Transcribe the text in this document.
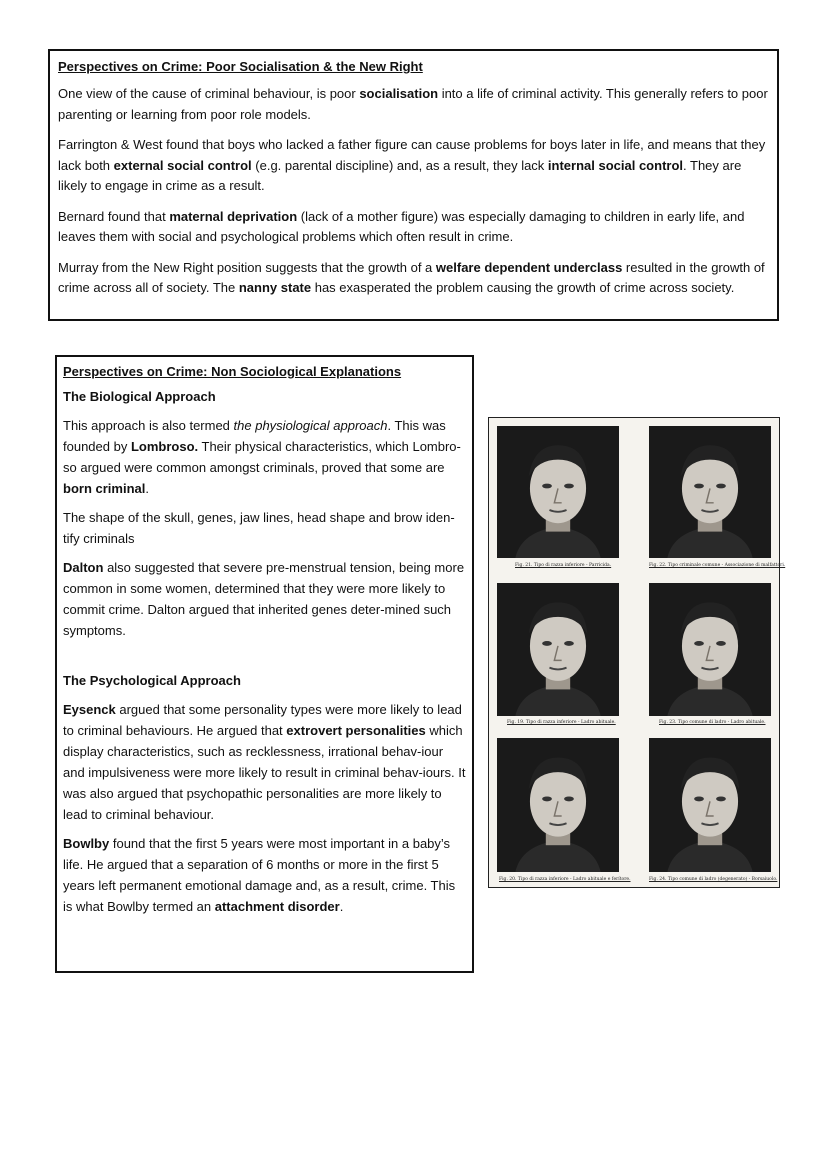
Perspectives on Crime: Poor Socialisation & the New Right

One view of the cause of criminal behaviour, is poor socialisation into a life of criminal activity. This generally refers to poor parenting or learning from poor role models.

Farrington & West found that boys who lacked a father figure can cause problems for boys later in life, and means that they lack both external social control (e.g. parental discipline) and, as a result, they lack internal social control. They are likely to engage in crime as a result.

Bernard found that maternal deprivation (lack of a mother figure) was especially damaging to children in early life, and leaves them with social and psychological problems which often result in crime.

Murray from the New Right position suggests that the growth of a welfare dependent underclass resulted in the growth of crime across all of society. The nanny state has exasperated the problem causing the growth of crime across society.

Perspectives on Crime: Non Sociological Explanations
The Biological Approach

This approach is also termed the physiological approach. This was founded by Lombroso. Their physical characteristics, which Lombro-so argued were common amongst criminals, proved that some are born criminal.

The shape of the skull, genes, jaw lines, head shape and brow iden-tify criminals

Dalton also suggested that severe pre-menstrual tension, being more common in some women, determined that they were more likely to commit crime. Dalton argued that inherited genes deter-mined such symptoms.

The Psychological Approach

Eysenck argued that some personality types were more likely to lead to criminal behaviours. He argued that extrovert personalities which display characteristics, such as recklessness, irrational behav-iour and impulsiveness were more likely to result in criminal behav-iours. It was also argued that psychopathic personalities are more likely to lead to criminal behaviour.

Bowlby found that the first 5 years were most important in a baby’s life. He argued that a separation of 6 months or more in the first 5 years left permanent emotional damage and, as a result, crime. This is what Bowlby termed an attachment disorder.

Fig. 21. Tipo di razza inferiore - Parricida.	Fig. 22. Tipo criminale comune - Associazione di malfattori.
Fig. 19. Tipo di razza inferiore - Ladro abituale.	Fig. 23. Tipo comune di ladro - Ladro abituale.
Fig. 20. Tipo di razza inferiore - Ladro abituale e ferítore.	Fig. 24. Tipo comune di ladro (degenerato) - Borsaiuolo.
